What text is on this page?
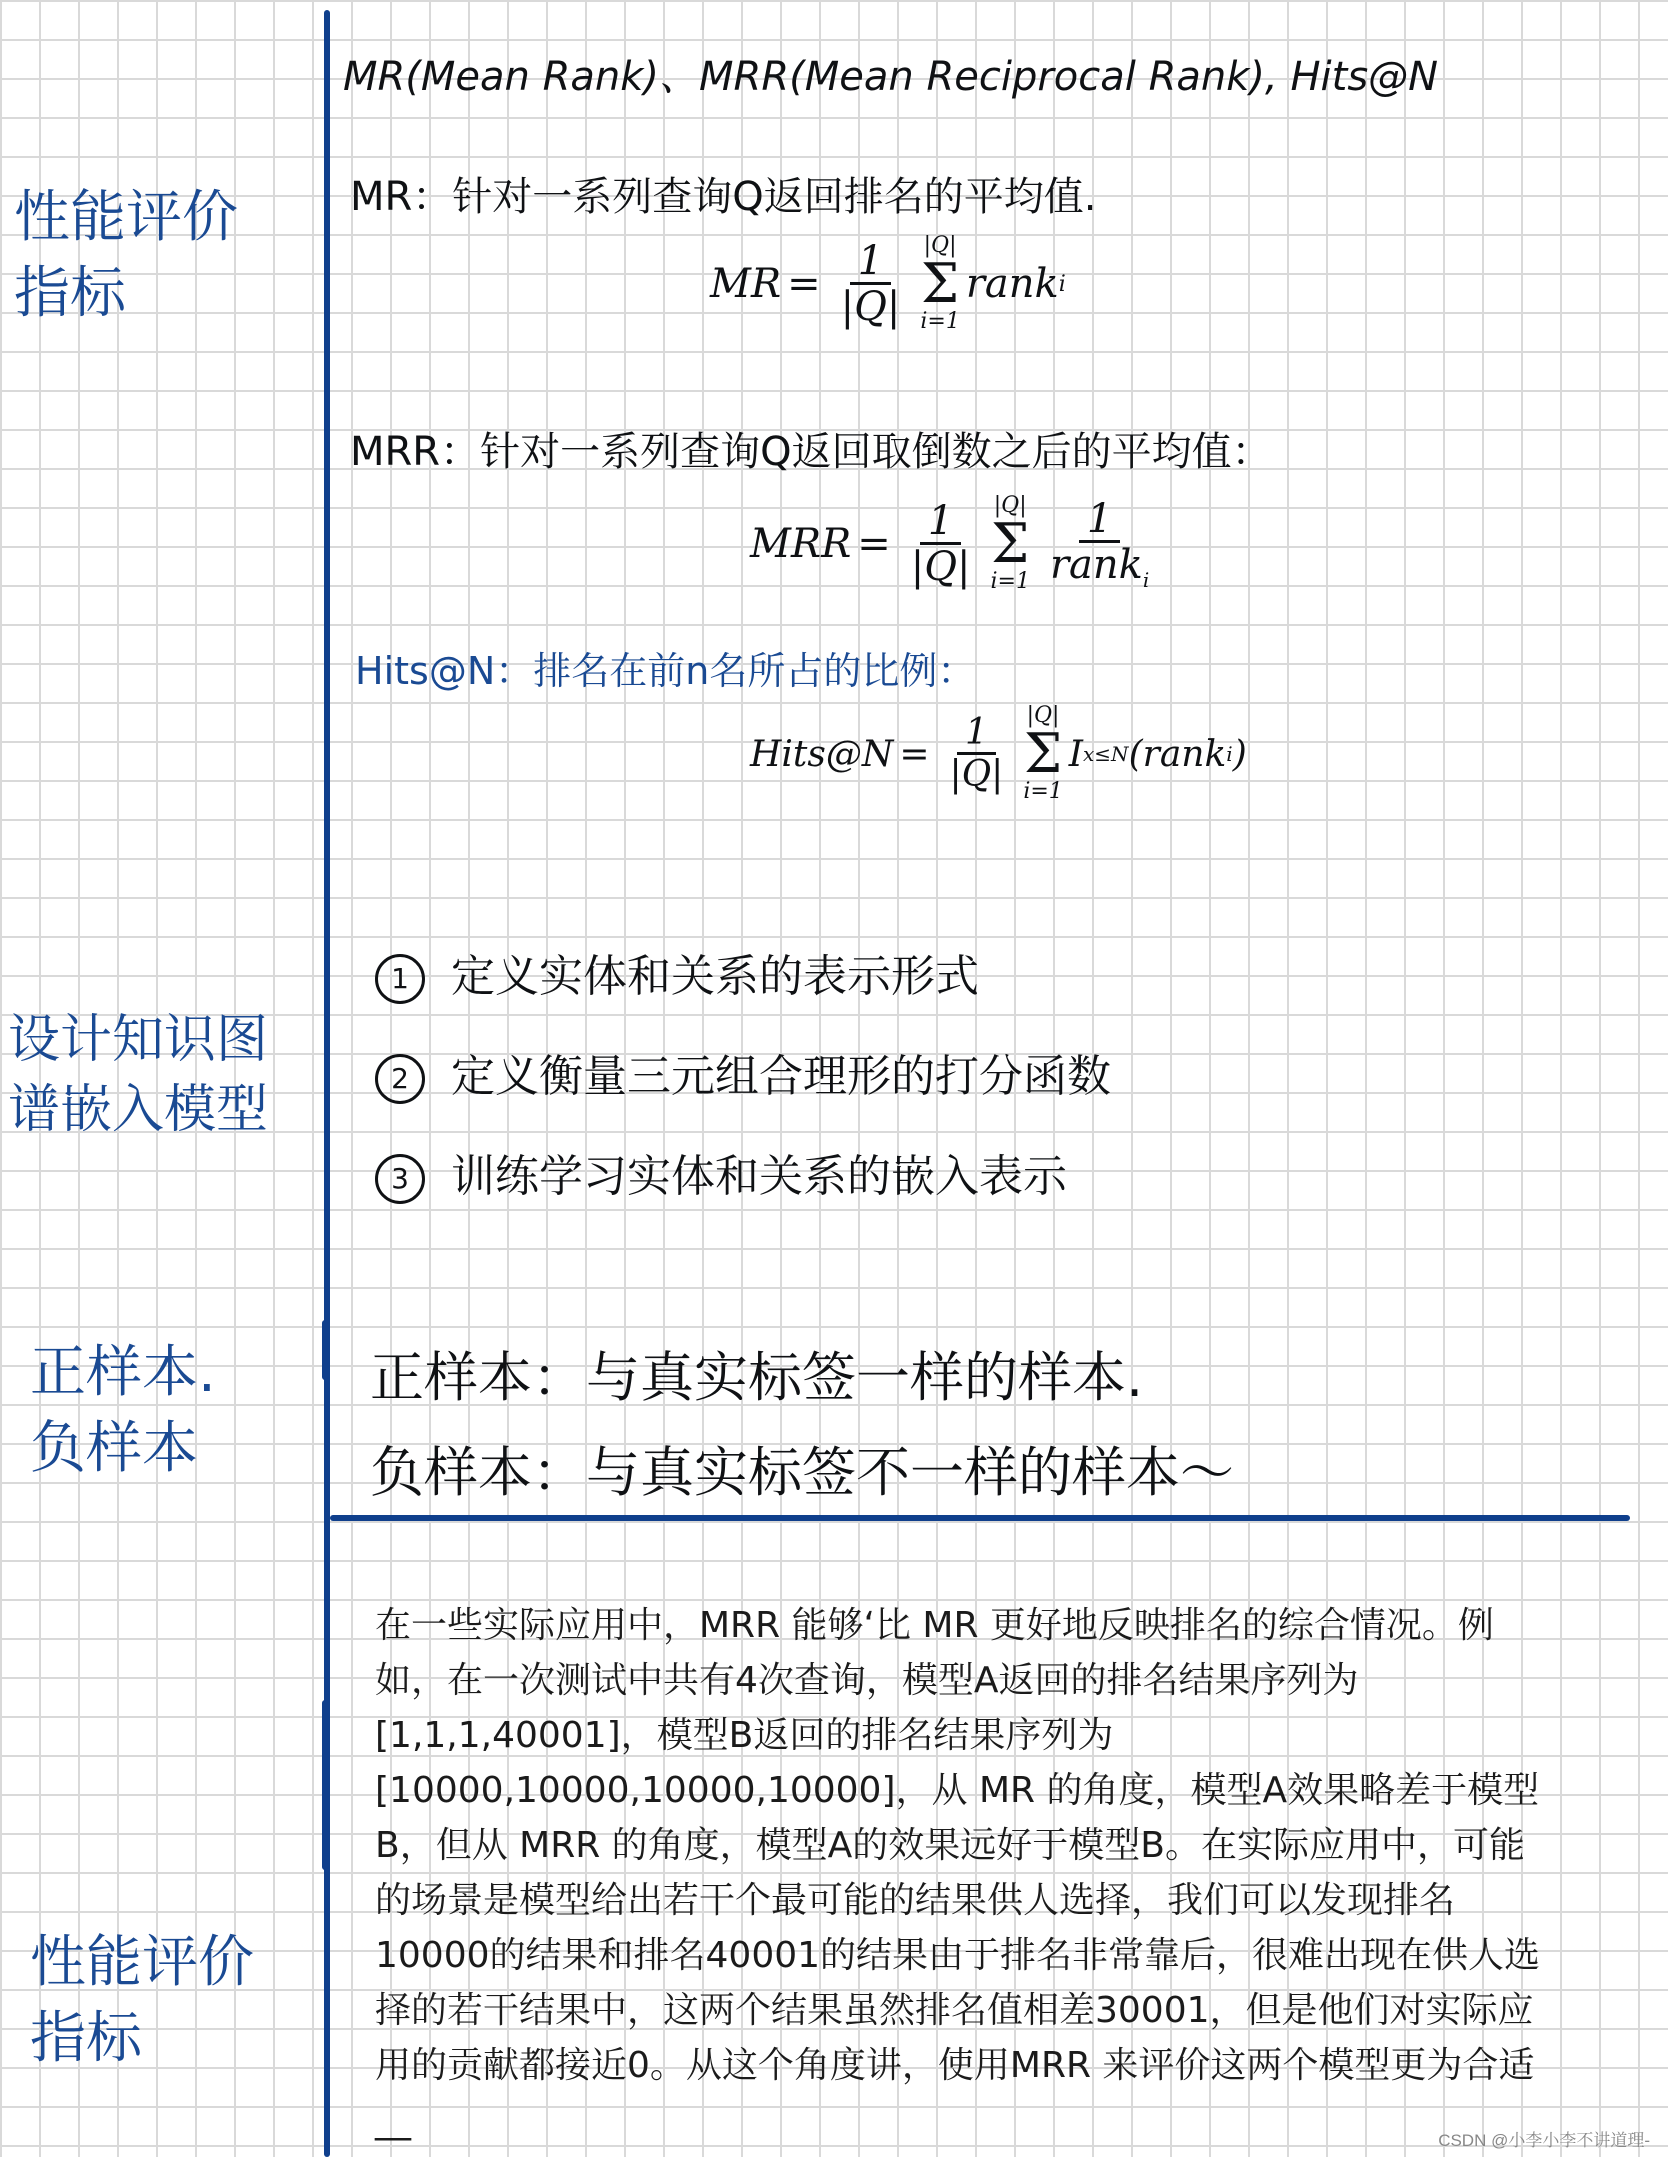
性能评价
指标
设计知识图
谱嵌入模型
正样本.
负样本
性能评价
指标
MR(Mean Rank)、MRR(Mean Reciprocal Rank), Hits@N
MR：针对一系列查询Q返回排名的平均值.
MR = $\frac{1}{|Q|} |Q|$
Σ
i=1
rank i
MRR：针对一系列查询Q返回取倒数之后的平均值：
MRR = $\frac{1}{|Q|} |Q|$
Σ
$i=1 \frac{1}{rank_i}$
Hits@N：排名在前n名所占的比例：
Hits@N = $\frac{1}{|Q|} |Q|$
Σ
i=1
I x≤N (rank i )
1 定义实体和关系的表示形式
2 定义衡量三元组合理形的打分函数
3 训练学习实体和关系的嵌入表示
正样本：与真实标签一样的样本.
负样本：与真实标签不一样的样本～

在一些实际应用中，MRR 能够‘比 MR 更好地反映排名的综合情况。例如，在一次测试中共有4次查询，模型A返回的排名结果序列为 [1,1,1,40001]，模型B返回的排名结果序列为 [10000,10000,10000,10000]，从 MR 的角度，模型A效果略差于模型B，但从 MRR 的角度，模型A的效果远好于模型B。在实际应用中，可能的场景是模型给出若干个最可能的结果供人选择，我们可以发现排名10000的结果和排名40001的结果由于排名非常靠后，很难出现在供人选择的若干结果中，这两个结果虽然排名值相差30001，但是他们对实际应用的贡献都接近0。从这个角度讲，使用MRR 来评价这两个模型更为合适__	CSDN @小李小李不讲道理-
